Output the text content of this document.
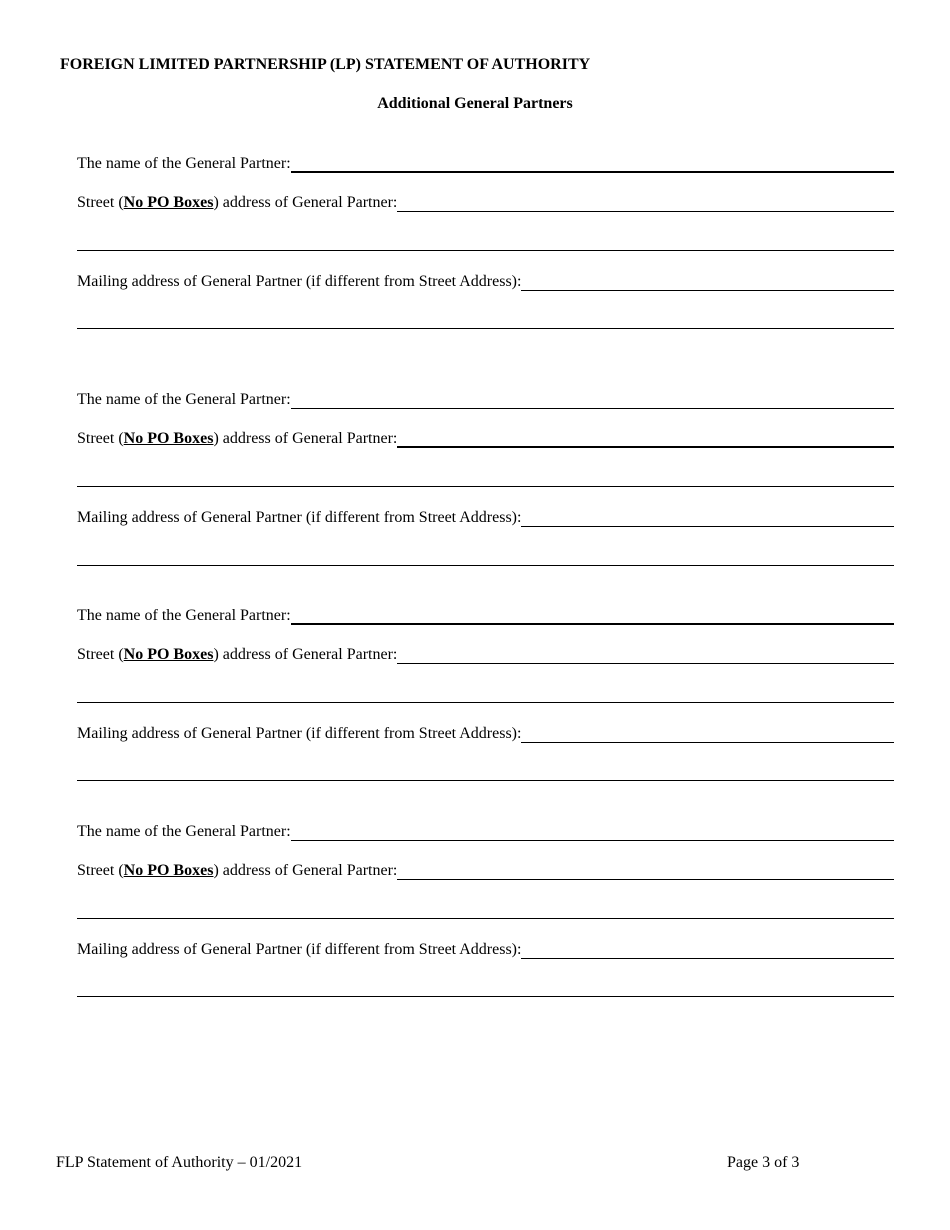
FOREIGN LIMITED PARTNERSHIP (LP) STATEMENT OF AUTHORITY
Additional General Partners
The name of the General Partner:
Street (No PO Boxes) address of General Partner:
Mailing address of General Partner (if different from Street Address):
The name of the General Partner:
Street (No PO Boxes) address of General Partner:
Mailing address of General Partner (if different from Street Address):
The name of the General Partner:
Street (No PO Boxes) address of General Partner:
Mailing address of General Partner (if different from Street Address):
The name of the General Partner:
Street (No PO Boxes) address of General Partner:
Mailing address of General Partner (if different from Street Address):
FLP Statement of Authority – 01/2021	Page 3 of 3
